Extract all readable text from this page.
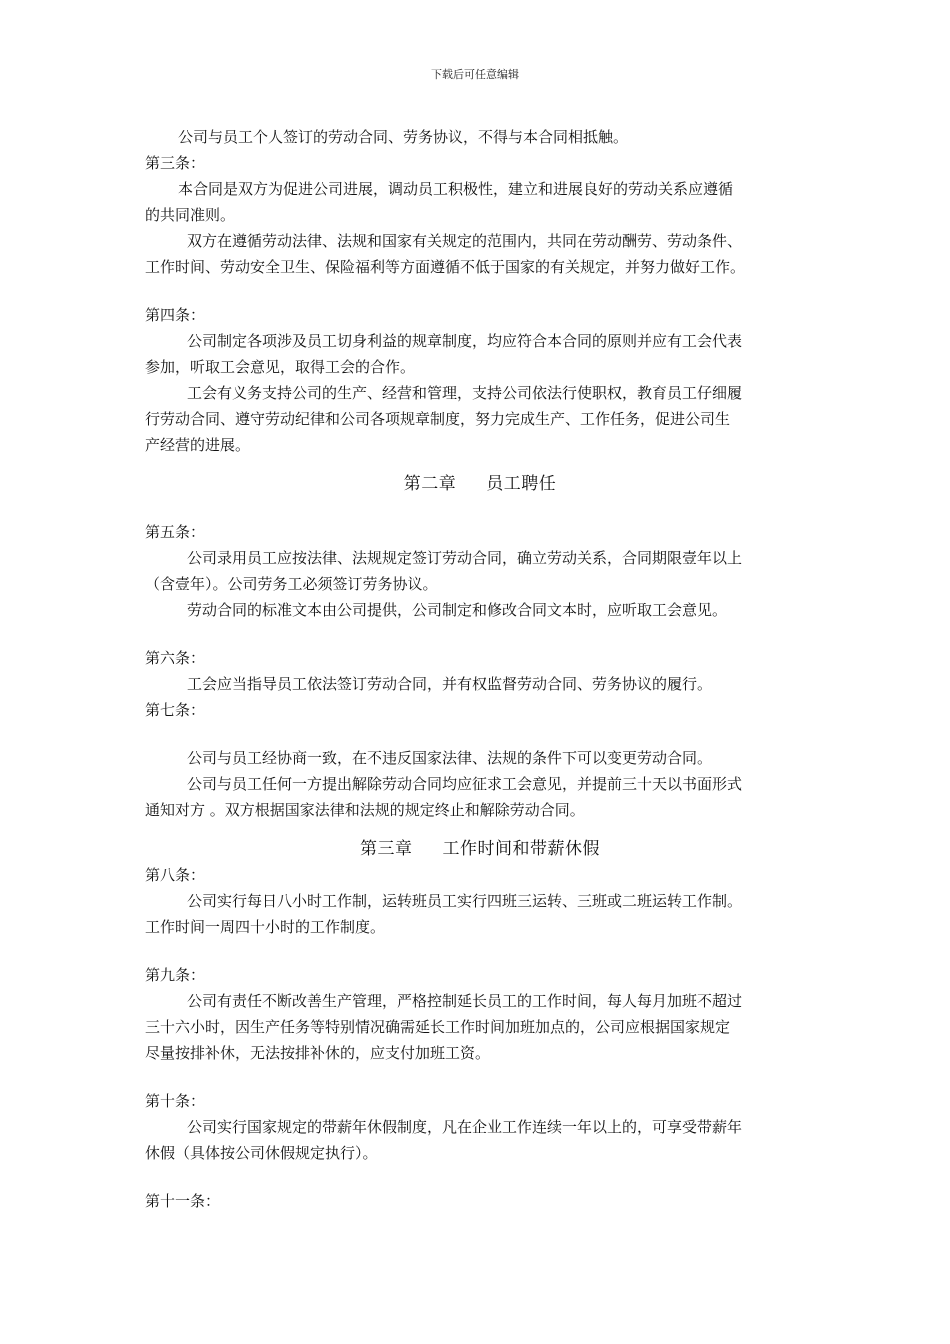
下载后可任意编辑
公司与员工个人签订的劳动合同、劳务协议，不得与本合同相抵触。
第三条：
本合同是双方为促进公司进展，调动员工积极性，建立和进展良好的劳动关系应遵循
的共同准则。
双方在遵循劳动法律、法规和国家有关规定的范围内，共同在劳动酬劳、劳动条件、
工作时间、劳动安全卫生、保险福利等方面遵循不低于国家的有关规定，并努力做好工作。
第四条：
公司制定各项涉及员工切身利益的规章制度，均应符合本合同的原则并应有工会代表
参加，听取工会意见，取得工会的合作。
工会有义务支持公司的生产、经营和管理，支持公司依法行使职权，教育员工仔细履
行劳动合同、遵守劳动纪律和公司各项规章制度，努力完成生产、工作任务，促进公司生
产经营的进展。
第二章 员工聘任
第五条：
公司录用员工应按法律、法规规定签订劳动合同，确立劳动关系，合同期限壹年以上
（含壹年）。公司劳务工必须签订劳务协议。
劳动合同的标准文本由公司提供，公司制定和修改合同文本时，应听取工会意见。
第六条：
工会应当指导员工依法签订劳动合同，并有权监督劳动合同、劳务协议的履行。
第七条：
公司与员工经协商一致，在不违反国家法律、法规的条件下可以变更劳动合同。
公司与员工任何一方提出解除劳动合同均应征求工会意见，并提前三十天以书面形式
通知对方 。双方根据国家法律和法规的规定终止和解除劳动合同。
第三章 工作时间和带薪休假
第八条：
公司实行每日八小时工作制，运转班员工实行四班三运转、三班或二班运转工作制。
工作时间一周四十小时的工作制度。
第九条：
公司有责任不断改善生产管理，严格控制延长员工的工作时间，每人每月加班不超过
三十六小时，因生产任务等特别情况确需延长工作时间加班加点的，公司应根据国家规定
尽量按排补休，无法按排补休的，应支付加班工资。
第十条：
公司实行国家规定的带薪年休假制度，凡在企业工作连续一年以上的，可享受带薪年
休假（具体按公司休假规定执行）。
第十一条：
